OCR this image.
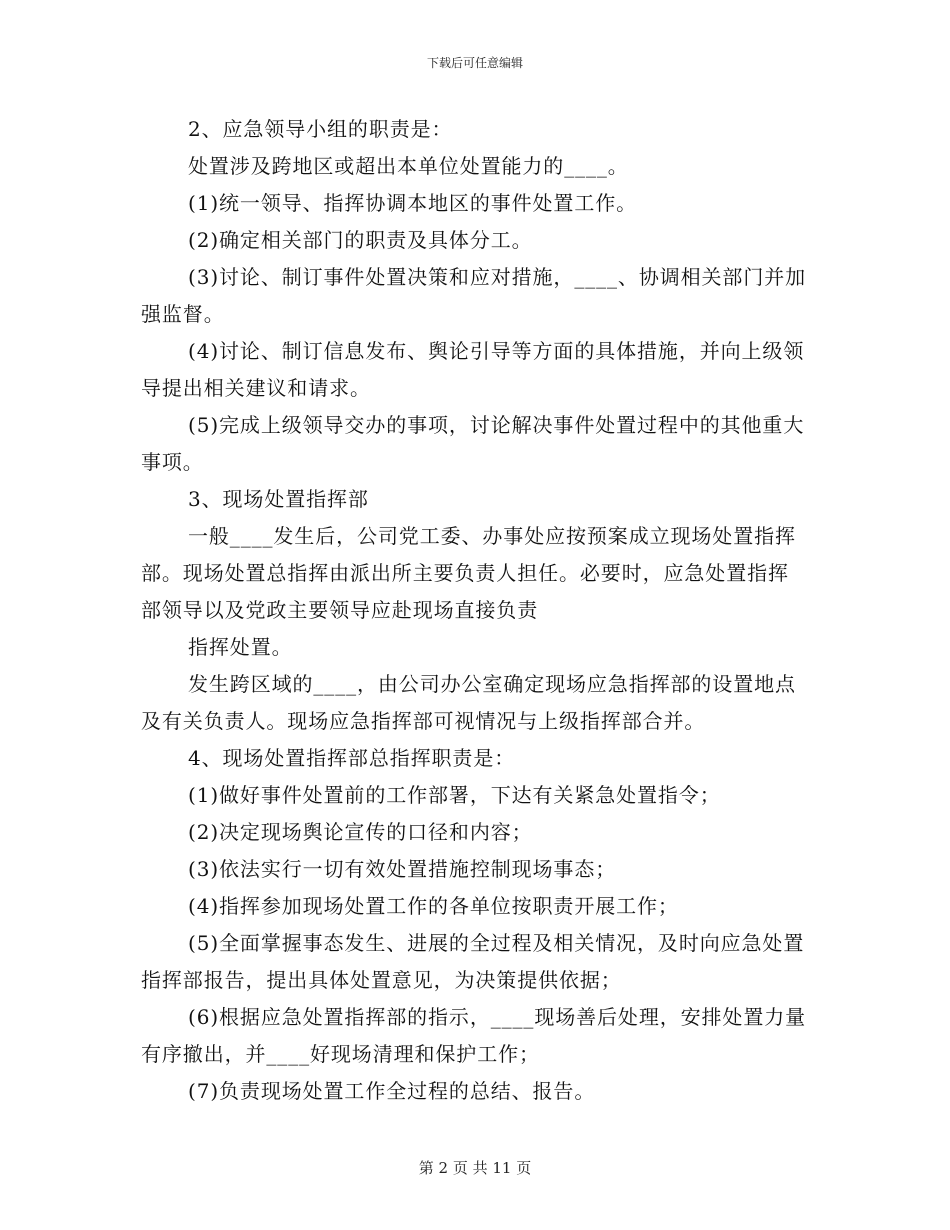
下载后可任意编辑

2、应急领导小组的职责是：

处置涉及跨地区或超出本单位处置能力的____。

(1)统一领导、指挥协调本地区的事件处置工作。

(2)确定相关部门的职责及具体分工。

(3)讨论、制订事件处置决策和应对措施，____、协调相关部门并加强监督。

(4)讨论、制订信息发布、舆论引导等方面的具体措施，并向上级领导提出相关建议和请求。

(5)完成上级领导交办的事项，讨论解决事件处置过程中的其他重大事项。

3、现场处置指挥部

一般____发生后，公司党工委、办事处应按预案成立现场处置指挥部。现场处置总指挥由派出所主要负责人担任。必要时，应急处置指挥部领导以及党政主要领导应赴现场直接负责

指挥处置。

发生跨区域的____，由公司办公室确定现场应急指挥部的设置地点及有关负责人。现场应急指挥部可视情况与上级指挥部合并。

4、现场处置指挥部总指挥职责是：

(1)做好事件处置前的工作部署，下达有关紧急处置指令；

(2)决定现场舆论宣传的口径和内容；

(3)依法实行一切有效处置措施控制现场事态；

(4)指挥参加现场处置工作的各单位按职责开展工作；

(5)全面掌握事态发生、进展的全过程及相关情况，及时向应急处置指挥部报告，提出具体处置意见，为决策提供依据；

(6)根据应急处置指挥部的指示，____现场善后处理，安排处置力量有序撤出，并____好现场清理和保护工作；

(7)负责现场处置工作全过程的总结、报告。

第 2 页 共 11 页
